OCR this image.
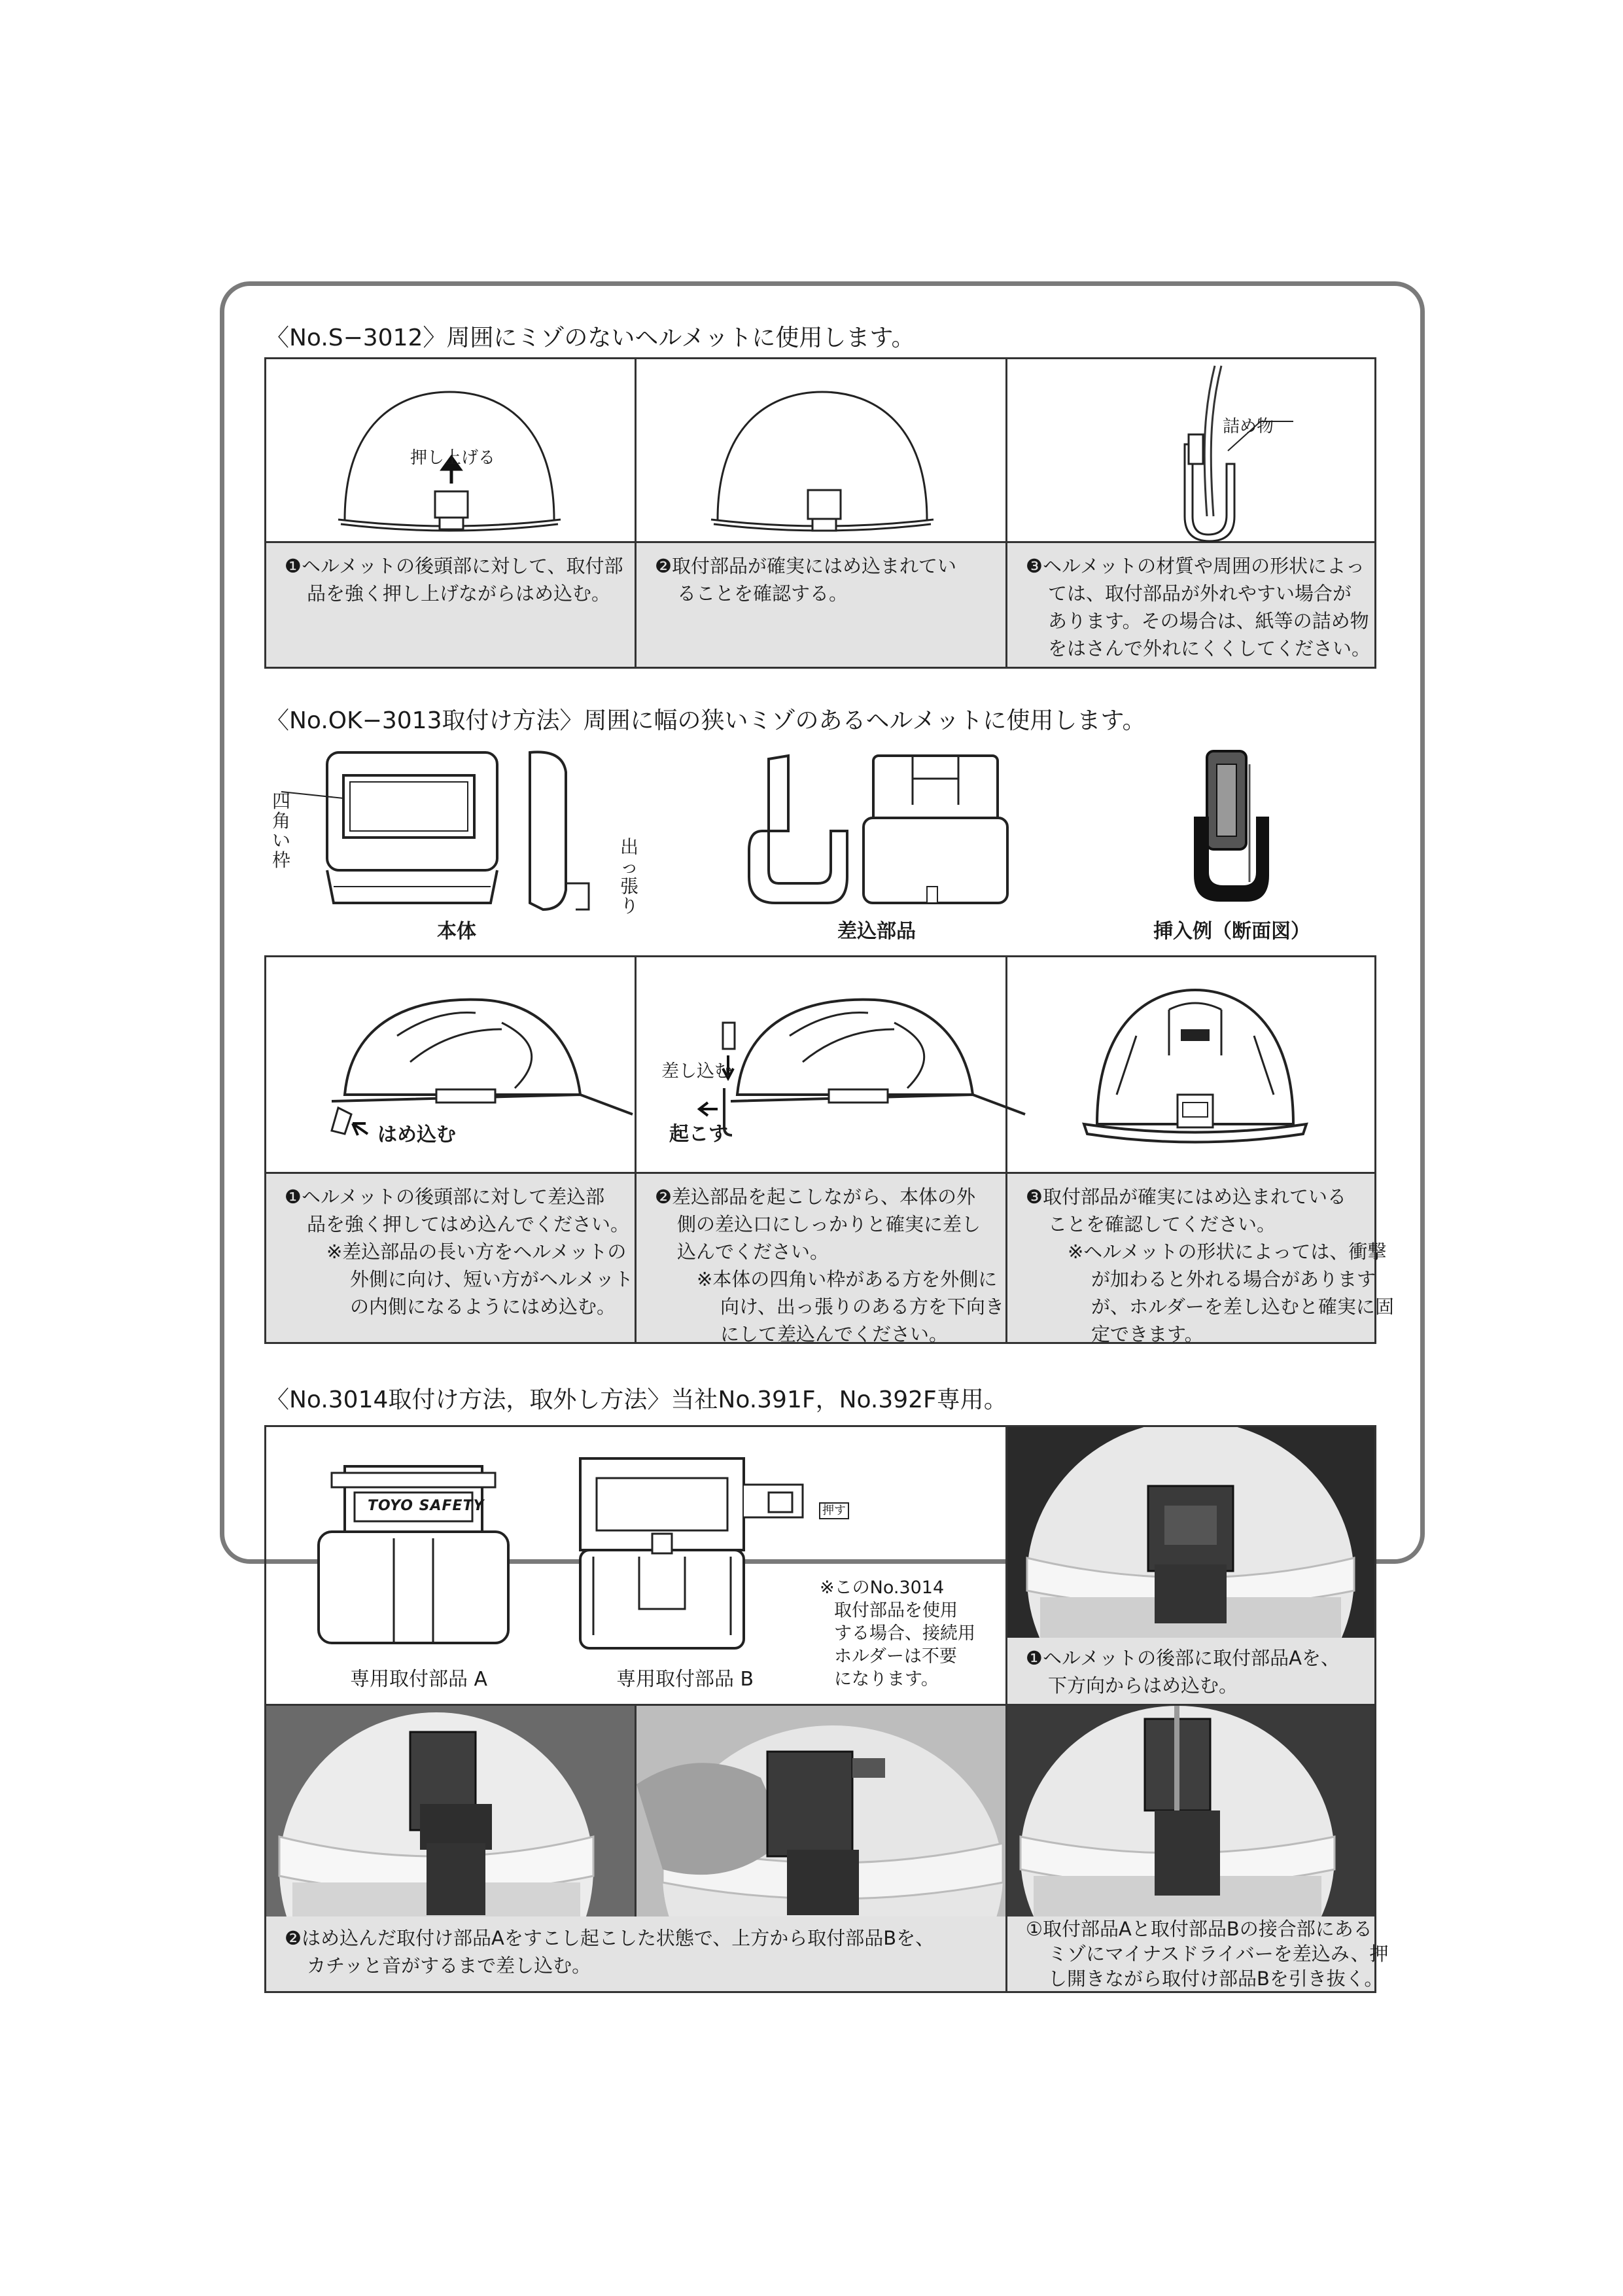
〈No.S−3012〉周囲にミゾのないヘルメットに使用します。
押し上げる
詰め物
❶ヘルメットの後頭部に対して、取付部
品を強く押し上げながらはめ込む。
❷取付部品が確実にはめ込まれてい
ることを確認する。
❸ヘルメットの材質や周囲の形状によっ
ては、取付部品が外れやすい場合が
あります。その場合は、紙等の詰め物
をはさんで外れにくくしてください。
〈No.OK−3013取付け方法〉周囲に幅の狭いミゾのあるヘルメットに使用します。
四
角
い
枠
出
っ
張
り
本体	差込部品	挿入例（断面図）
はめ込む
差し込む
起こす
❶ヘルメットの後頭部に対して差込部
品を強く押してはめ込んでください。
※差込部品の長い方をヘルメットの
外側に向け、短い方がヘルメット
の内側になるようにはめ込む。
❷差込部品を起こしながら、本体の外
側の差込口にしっかりと確実に差し
込んでください。
※本体の四角い枠がある方を外側に
向け、出っ張りのある方を下向き
にして差込んでください。
❸取付部品が確実にはめ込まれている
ことを確認してください。
※ヘルメットの形状によっては、衝撃
が加わると外れる場合があります
が、ホルダーを差し込むと確実に固
定できます。
〈No.3014取付け方法，取外し方法〉当社No.391F，No.392F専用。
TOYO SAFETY
専用取付部品 A
押す
専用取付部品 B
※このNo.3014
取付部品を使用
する場合、接続用
ホルダーは不要
になります。
❶ヘルメットの後部に取付部品Aを、
下方向からはめ込む。
❷はめ込んだ取付け部品Aをすこし起こした状態で、上方から取付部品Bを、
カチッと音がするまで差し込む。
①取付部品Aと取付部品Bの接合部にある
ミゾにマイナスドライバーを差込み、押
し開きながら取付け部品Bを引き抜く。
